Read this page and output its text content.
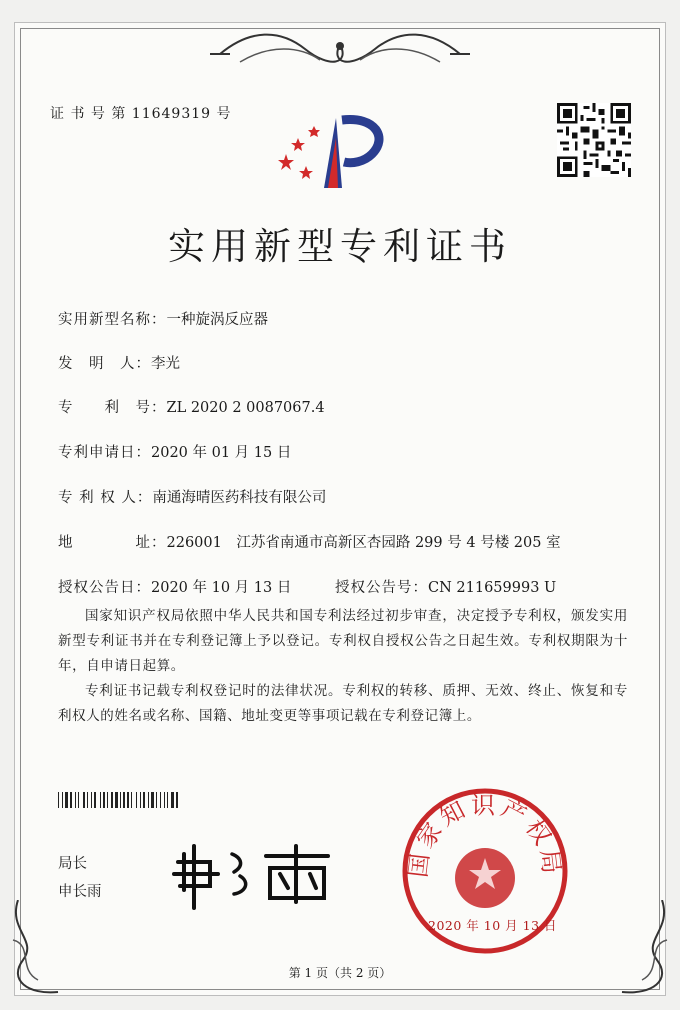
证 书 号 第 11649319 号
实用新型专利证书
实用新型名称：一种旋涡反应器
发　明　人：李光
专　　利　号：ZL 2020 2 0087067.4
专利申请日：2020 年 01 月 15 日
专 利 权 人：南通海晴医药科技有限公司
地　　　　址：226001　江苏省南通市高新区杏园路 299 号 4 号楼 205 室
授权公告日：2020 年 10 月 13 日	授权公告号：CN 211659993 U

国家知识产权局依照中华人民共和国专利法经过初步审查，决定授予专利权，颁发实用新型专利证书并在专利登记簿上予以登记。专利权自授权公告之日起生效。专利权期限为十年，自申请日起算。

专利证书记载专利权登记时的法律状况。专利权的转移、质押、无效、终止、恢复和专利权人的姓名或名称、国籍、地址变更等事项记载在专利登记簿上。

局长
申长雨
国家知识产权局
2020 年 10 月 13 日
第 1 页（共 2 页）
